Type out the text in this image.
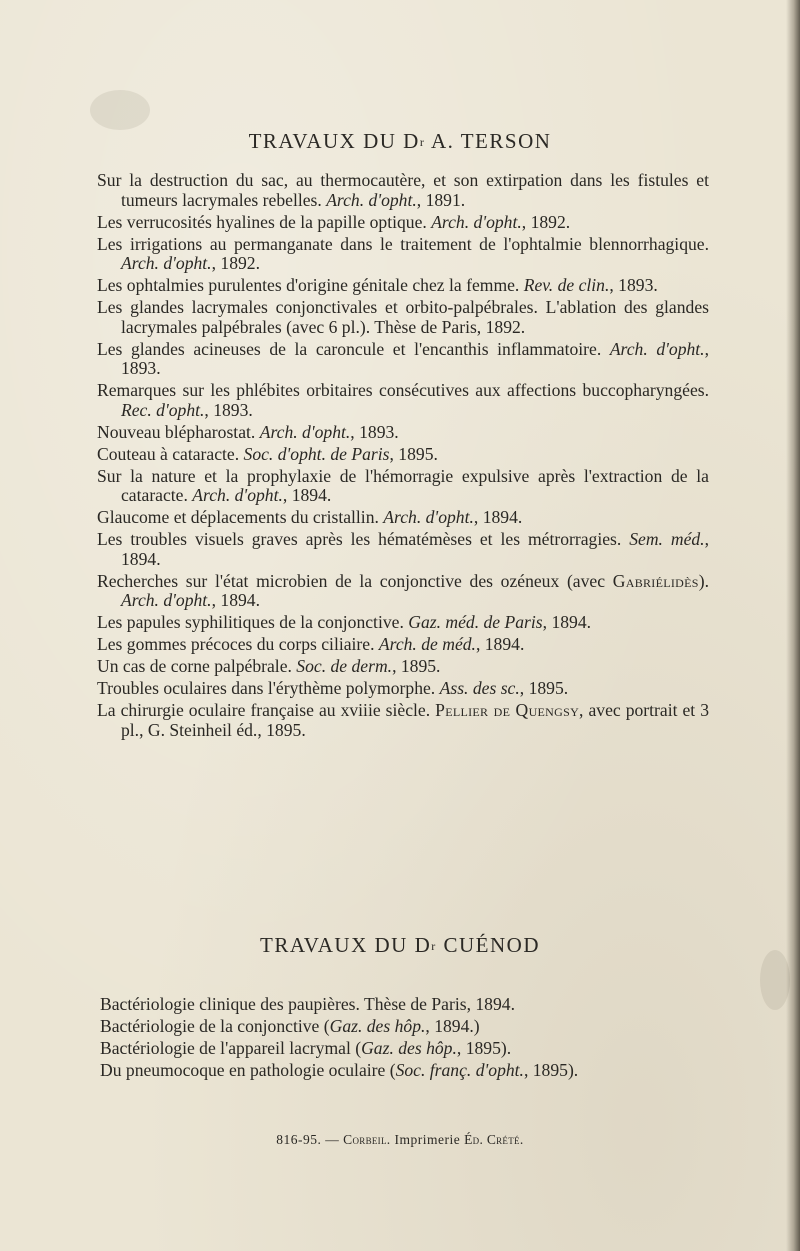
TRAVAUX DU $D^r$ A. TERSON
Sur la destruction du sac, au thermocautère, et son extirpation dans les fistules et tumeurs lacrymales rebelles. Arch. d'opht., 1891.
Les verrucosités hyalines de la papille optique. Arch. d'opht., 1892.
Les irrigations au permanganate dans le traitement de l'ophtalmie blennorrhagique. Arch. d'opht., 1892.
Les ophtalmies purulentes d'origine génitale chez la femme. Rev. de clin., 1893.
Les glandes lacrymales conjonctivales et orbito-palpébrales. L'ablation des glandes lacrymales palpébrales (avec 6 pl.). Thèse de Paris, 1892.
Les glandes acineuses de la caroncule et l'encanthis inflammatoire. Arch. d'opht., 1893.
Remarques sur les phlébites orbitaires consécutives aux affections buccopharyngées. Rec. d'opht., 1893.
Nouveau blépharostat. Arch. d'opht., 1893.
Couteau à cataracte. Soc. d'opht. de Paris, 1895.
Sur la nature et la prophylaxie de l'hémorragie expulsive après l'extraction de la cataracte. Arch. d'opht., 1894.
Glaucome et déplacements du cristallin. Arch. d'opht., 1894.
Les troubles visuels graves après les hématémèses et les métrorragies. Sem. méd., 1894.
Recherches sur l'état microbien de la conjonctive des ozéneux (avec Gabriélidès). Arch. d'opht., 1894.
Les papules syphilitiques de la conjonctive. Gaz. méd. de Paris, 1894.
Les gommes précoces du corps ciliaire. Arch. de méd., 1894.
Un cas de corne palpébrale. Soc. de derm., 1895.
Troubles oculaires dans l'érythème polymorphe. Ass. des sc., 1895.
La chirurgie oculaire française au xviiie siècle. Pellier de Quengsy, avec portrait et 3 pl., G. Steinheil éd., 1895.
TRAVAUX DU $D^r$ CUÉNOD
Bactériologie clinique des paupières. Thèse de Paris, 1894.
Bactériologie de la conjonctive (Gaz. des hôp., 1894.)
Bactériologie de l'appareil lacrymal (Gaz. des hôp., 1895).
Du pneumocoque en pathologie oculaire (Soc. franç. d'opht., 1895).
816-95. — Corbeil. Imprimerie Éd. Crété.
